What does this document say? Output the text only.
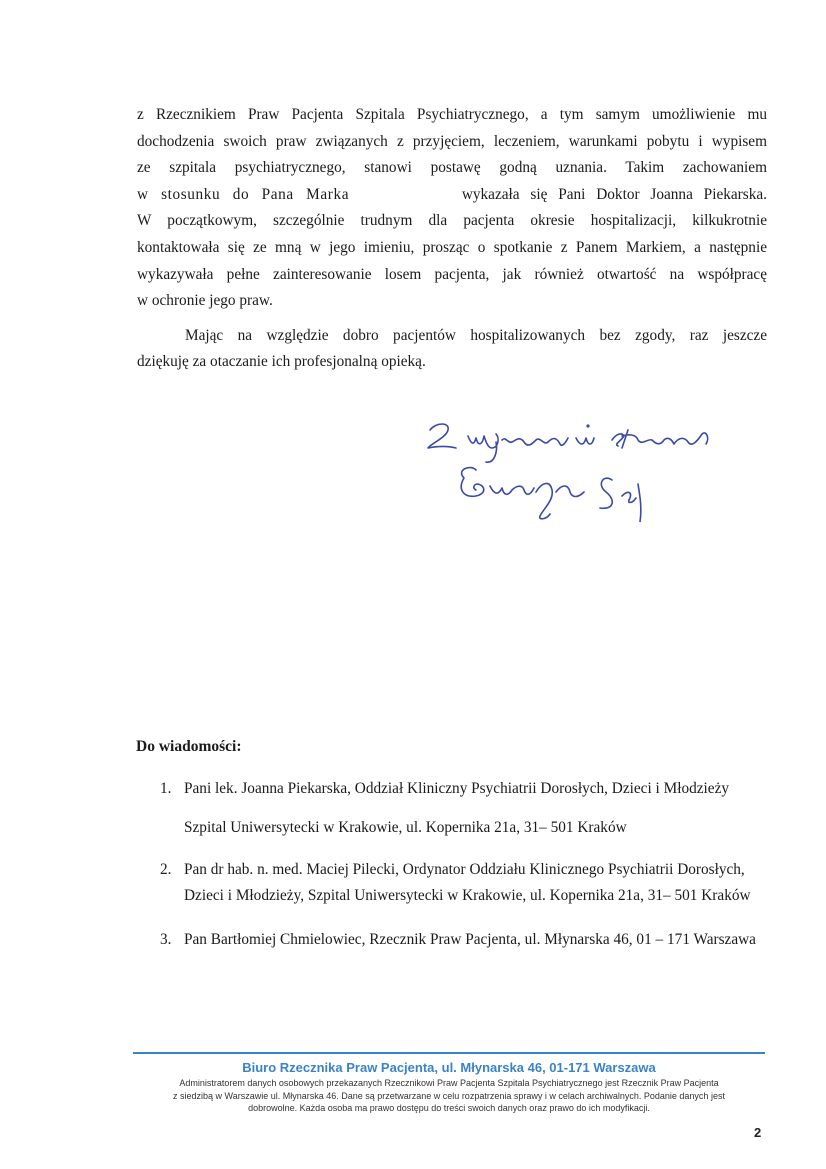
z Rzecznikiem Praw Pacjenta Szpitala Psychiatrycznego, a tym samym umożliwienie mu
dochodzenia swoich praw związanych z przyjęciem, leczeniem, warunkami pobytu i wypisem
ze szpitala psychiatrycznego, stanowi postawę godną uznania. Takim zachowaniem
w stosunku do Pana Marka	wykazała się Pani Doktor Joanna Piekarska.
W początkowym, szczególnie trudnym dla pacjenta okresie hospitalizacji, kilkukrotnie
kontaktowała się ze mną w jego imieniu, prosząc o spotkanie z Panem Markiem, a następnie
wykazywała pełne zainteresowanie losem pacjenta, jak również otwartość na współpracę
w ochronie jego praw.
Mając na względzie dobro pacjentów hospitalizowanych bez zgody, raz jeszcze
dziękuję za otaczanie ich profesjonalną opieką.
Do wiadomości:
1. Pani lek. Joanna Piekarska, Oddział Kliniczny Psychiatrii Dorosłych, Dzieci i Młodzieży
Szpital Uniwersytecki w Krakowie, ul. Kopernika 21a, 31– 501 Kraków
2. Pan dr hab. n. med. Maciej Pilecki, Ordynator Oddziału Klinicznego Psychiatrii Dorosłych,
Dzieci i Młodzieży, Szpital Uniwersytecki w Krakowie, ul. Kopernika 21a, 31– 501 Kraków
3. Pan Bartłomiej Chmielowiec, Rzecznik Praw Pacjenta, ul. Młynarska 46, 01 – 171 Warszawa
Biuro Rzecznika Praw Pacjenta, ul. Młynarska 46, 01-171 Warszawa
Administratorem danych osobowych przekazanych Rzecznikowi Praw Pacjenta Szpitala Psychiatrycznego jest Rzecznik Praw Pacjenta
z siedzibą w Warszawie ul. Młynarska 46. Dane są przetwarzane w celu rozpatrzenia sprawy i w celach archiwalnych. Podanie danych jest
dobrowolne. Każda osoba ma prawo dostępu do treści swoich danych oraz prawo do ich modyfikacji.
2
